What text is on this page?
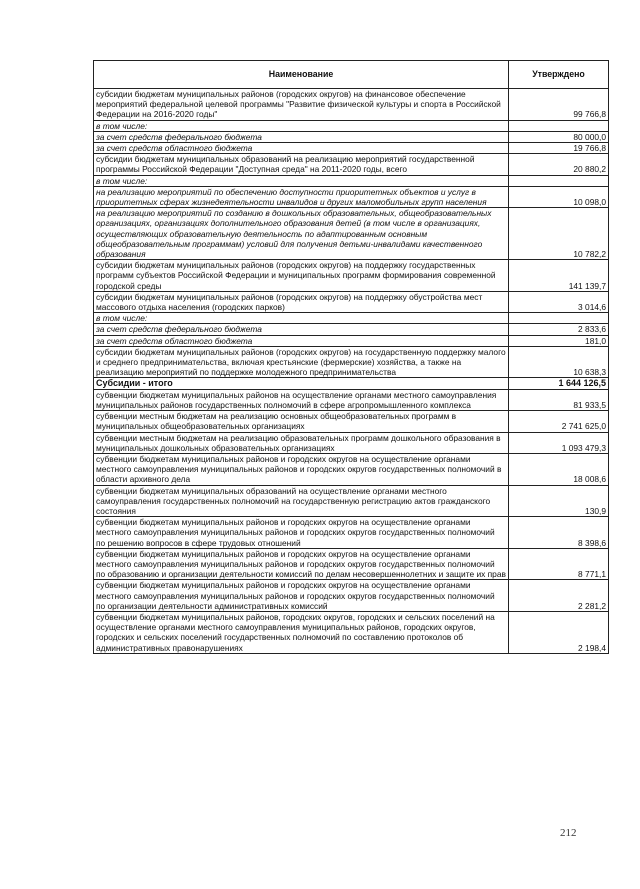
Наименование	Утверждено
субсидии бюджетам муниципальных районов (городских округов) на финансовое обеспечение мероприятий федеральной целевой программы "Развитие физической культуры и спорта в Российской Федерации на 2016-2020 годы"	99 766,8
в том числе:	
за счет средств федерального бюджета	80 000,0
за счет средств областного бюджета	19 766,8
субсидии бюджетам муниципальных образований на реализацию мероприятий государственной программы Российской Федерации "Доступная среда" на 2011-2020 годы, всего	20 880,2
в том числе:	
на реализацию мероприятий по обеспечению доступности приоритетных объектов и услуг в приоритетных сферах жизнедеятельности инвалидов и других маломобильных групп населения	10 098,0
на реализацию мероприятий по созданию в дошкольных образовательных, общеобразовательных организациях, организациях дополнительного образования детей (в том числе в организациях, осуществляющих образовательную деятельность по адаптированным основным общеобразовательным программам) условий для получения детьми-инвалидами качественного образования	10 782,2
субсидии бюджетам муниципальных районов (городских округов) на поддержку государственных программ субъектов Российской Федерации и муниципальных программ формирования современной городской среды	141 139,7
субсидии бюджетам муниципальных районов (городских округов) на поддержку обустройства мест массового отдыха населения (городских парков)	3 014,6
в том числе:	
за счет средств федерального бюджета	2 833,6
за счет средств областного бюджета	181,0
субсидии бюджетам муниципальных районов (городских округов) на государственную поддержку малого и среднего предпринимательства, включая крестьянские (фермерские) хозяйства, а также на реализацию мероприятий по поддержке молодежного предпринимательства	10 638,3
Субсидии - итого	1 644 126,5
субвенции бюджетам муниципальных районов на осуществление органами местного самоуправления муниципальных районов государственных полномочий в сфере агропромышленного комплекса	81 933,5
субвенции местным бюджетам на реализацию основных общеобразовательных программ в муниципальных общеобразовательных организациях	2 741 625,0
субвенции местным бюджетам на реализацию образовательных программ дошкольного образования в муниципальных дошкольных образовательных организациях	1 093 479,3
субвенции бюджетам муниципальных районов и городских округов на осуществление органами местного самоуправления муниципальных районов и городских округов государственных полномочий в области архивного дела	18 008,6
субвенции бюджетам муниципальных образований на осуществление органами местного самоуправления государственных полномочий на государственную регистрацию актов гражданского состояния	130,9
субвенции бюджетам муниципальных районов и городских округов на осуществление органами местного самоуправления муниципальных районов и городских округов государственных полномочий по решению вопросов в сфере трудовых отношений	8 398,6
субвенции бюджетам муниципальных районов и городских округов на осуществление органами местного самоуправления муниципальных районов и городских округов государственных полномочий по образованию и организации деятельности комиссий по делам несовершеннолетних и защите их прав	8 771,1
субвенции бюджетам муниципальных районов и городских округов на осуществление органами местного самоуправления муниципальных районов и городских округов государственных полномочий по организации деятельности административных комиссий	2 281,2
субвенции бюджетам муниципальных районов, городских округов, городских и сельских поселений на осуществление органами местного самоуправления муниципальных районов, городских округов, городских и сельских поселений государственных полномочий по составлению протоколов об административных правонарушениях	2 198,4
212
